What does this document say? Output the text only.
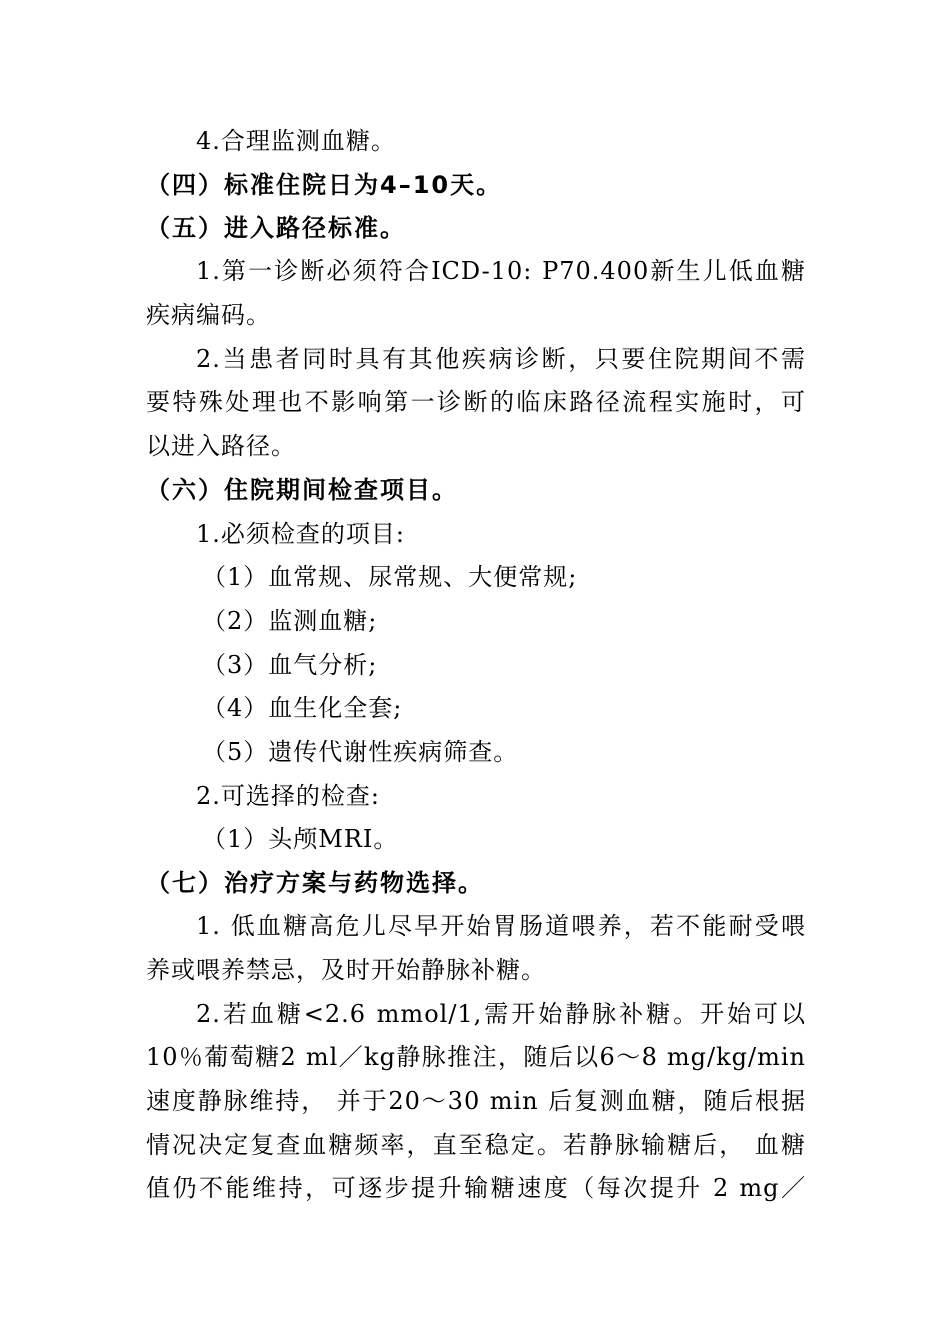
4.合理监测血糖。
（四）标准住院日为4–10天。
（五）进入路径标准。
1.第一诊断必须符合ICD-10: P70.400新生儿低血糖
疾病编码。
2.当患者同时具有其他疾病诊断，只要住院期间不需
要特殊处理也不影响第一诊断的临床路径流程实施时，可
以进入路径。
（六）住院期间检查项目。
1.必须检查的项目:
（1）血常规、尿常规、大便常规;
（2）监测血糖;
（3）血气分析;
（4）血生化全套;
（5）遗传代谢性疾病筛查。
2.可选择的检查:
（1）头颅MRI。
（七）治疗方案与药物选择。
1. 低血糖高危儿尽早开始胃肠道喂养，若不能耐受喂
养或喂养禁忌，及时开始静脉补糖。
2.若血糖<2.6 mmol/1,需开始静脉补糖。开始可以
10％葡萄糖2 ml／kg静脉推注，随后以6～8 mg/kg/min
速度静脉维持， 并于20～30 min 后复测血糖，随后根据
情况决定复查血糖频率，直至稳定。若静脉输糖后， 血糖
值仍不能维持，可逐步提升输糖速度（每次提升 2 mg／
